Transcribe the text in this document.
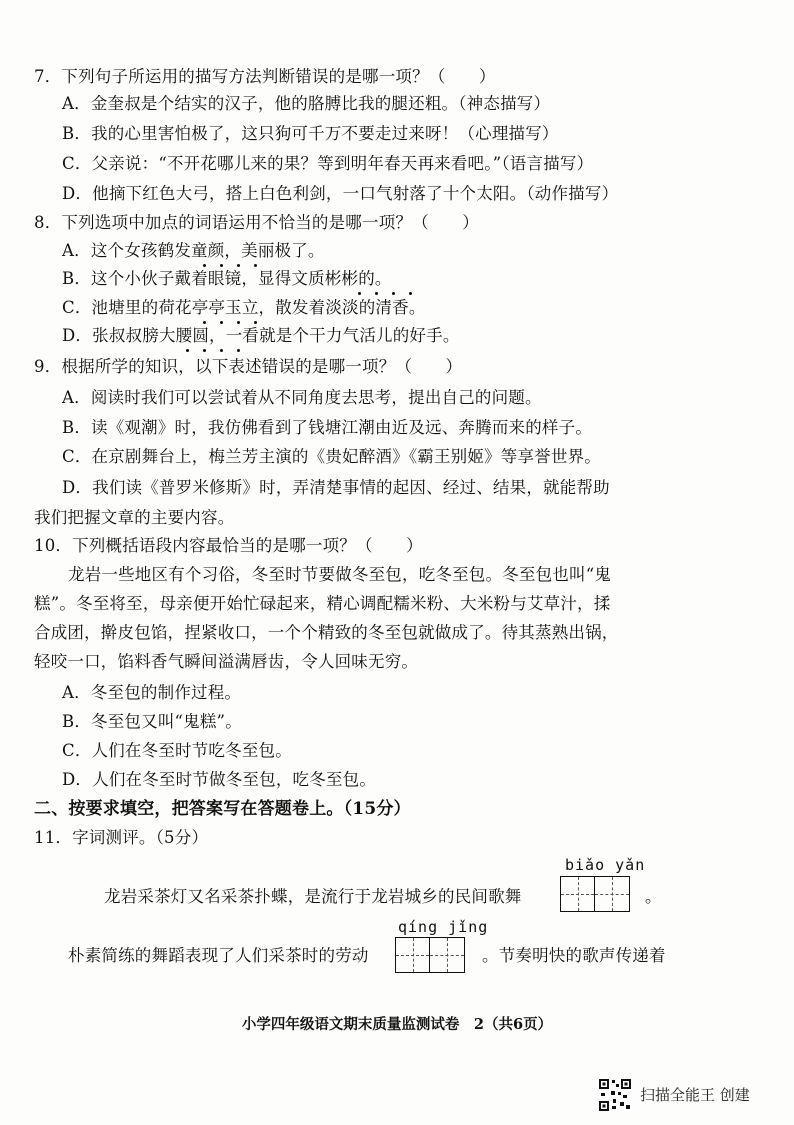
7．下列句子所运用的描写方法判断错误的是哪一项？（　　）
A．金奎叔是个结实的汉子，他的胳膊比我的腿还粗。（神态描写）
B．我的心里害怕极了，这只狗可千万不要走过来呀！（心理描写）
C．父亲说：“不开花哪儿来的果？等到明年春天再来看吧。”（语言描写）
D．他摘下红色大弓，搭上白色利剑，一口气射落了十个太阳。（动作描写）
8．下列选项中加点的词语运用不恰当的是哪一项？（　　）
A．这个女孩鹤发童颜，美丽极了。
B．这个小伙子戴着眼镜，显得文质彬彬的。
C．池塘里的荷花亭亭玉立，散发着淡淡的清香。
D．张叔叔膀大腰圆，一看就是个干力气活儿的好手。
9．根据所学的知识，以下表述错误的是哪一项？（　　）
A．阅读时我们可以尝试着从不同角度去思考，提出自己的问题。
B．读《观潮》时，我仿佛看到了钱塘江潮由近及远、奔腾而来的样子。
C．在京剧舞台上，梅兰芳主演的《贵妃醉酒》《霸王别姬》等享誉世界。
D．我们读《普罗米修斯》时，弄清楚事情的起因、经过、结果，就能帮助
我们把握文章的主要内容。
10．下列概括语段内容最恰当的是哪一项？（　　）
龙岩一些地区有个习俗，冬至时节要做冬至包，吃冬至包。冬至包也叫“鬼
糕”。冬至将至，母亲便开始忙碌起来，精心调配糯米粉、大米粉与艾草汁，揉
合成团，擀皮包馅，捏紧收口，一个个精致的冬至包就做成了。待其蒸熟出锅，
轻咬一口，馅料香气瞬间溢满唇齿，令人回味无穷。
A．冬至包的制作过程。
B．冬至包又叫“鬼糕”。
C．人们在冬至时节吃冬至包。
D．人们在冬至时节做冬至包，吃冬至包。
二、按要求填空，把答案写在答题卷上。（15分）
11．字词测评。（5分）
biǎo yǎn
龙岩采茶灯又名采茶扑蝶，是流行于龙岩城乡的民间歌舞	。
qíng jǐng
朴素简练的舞蹈表现了人们采茶时的劳动	。节奏明快的歌声传递着
小学四年级语文期末质量监测试卷　2（共6页）
扫描全能王 创建
